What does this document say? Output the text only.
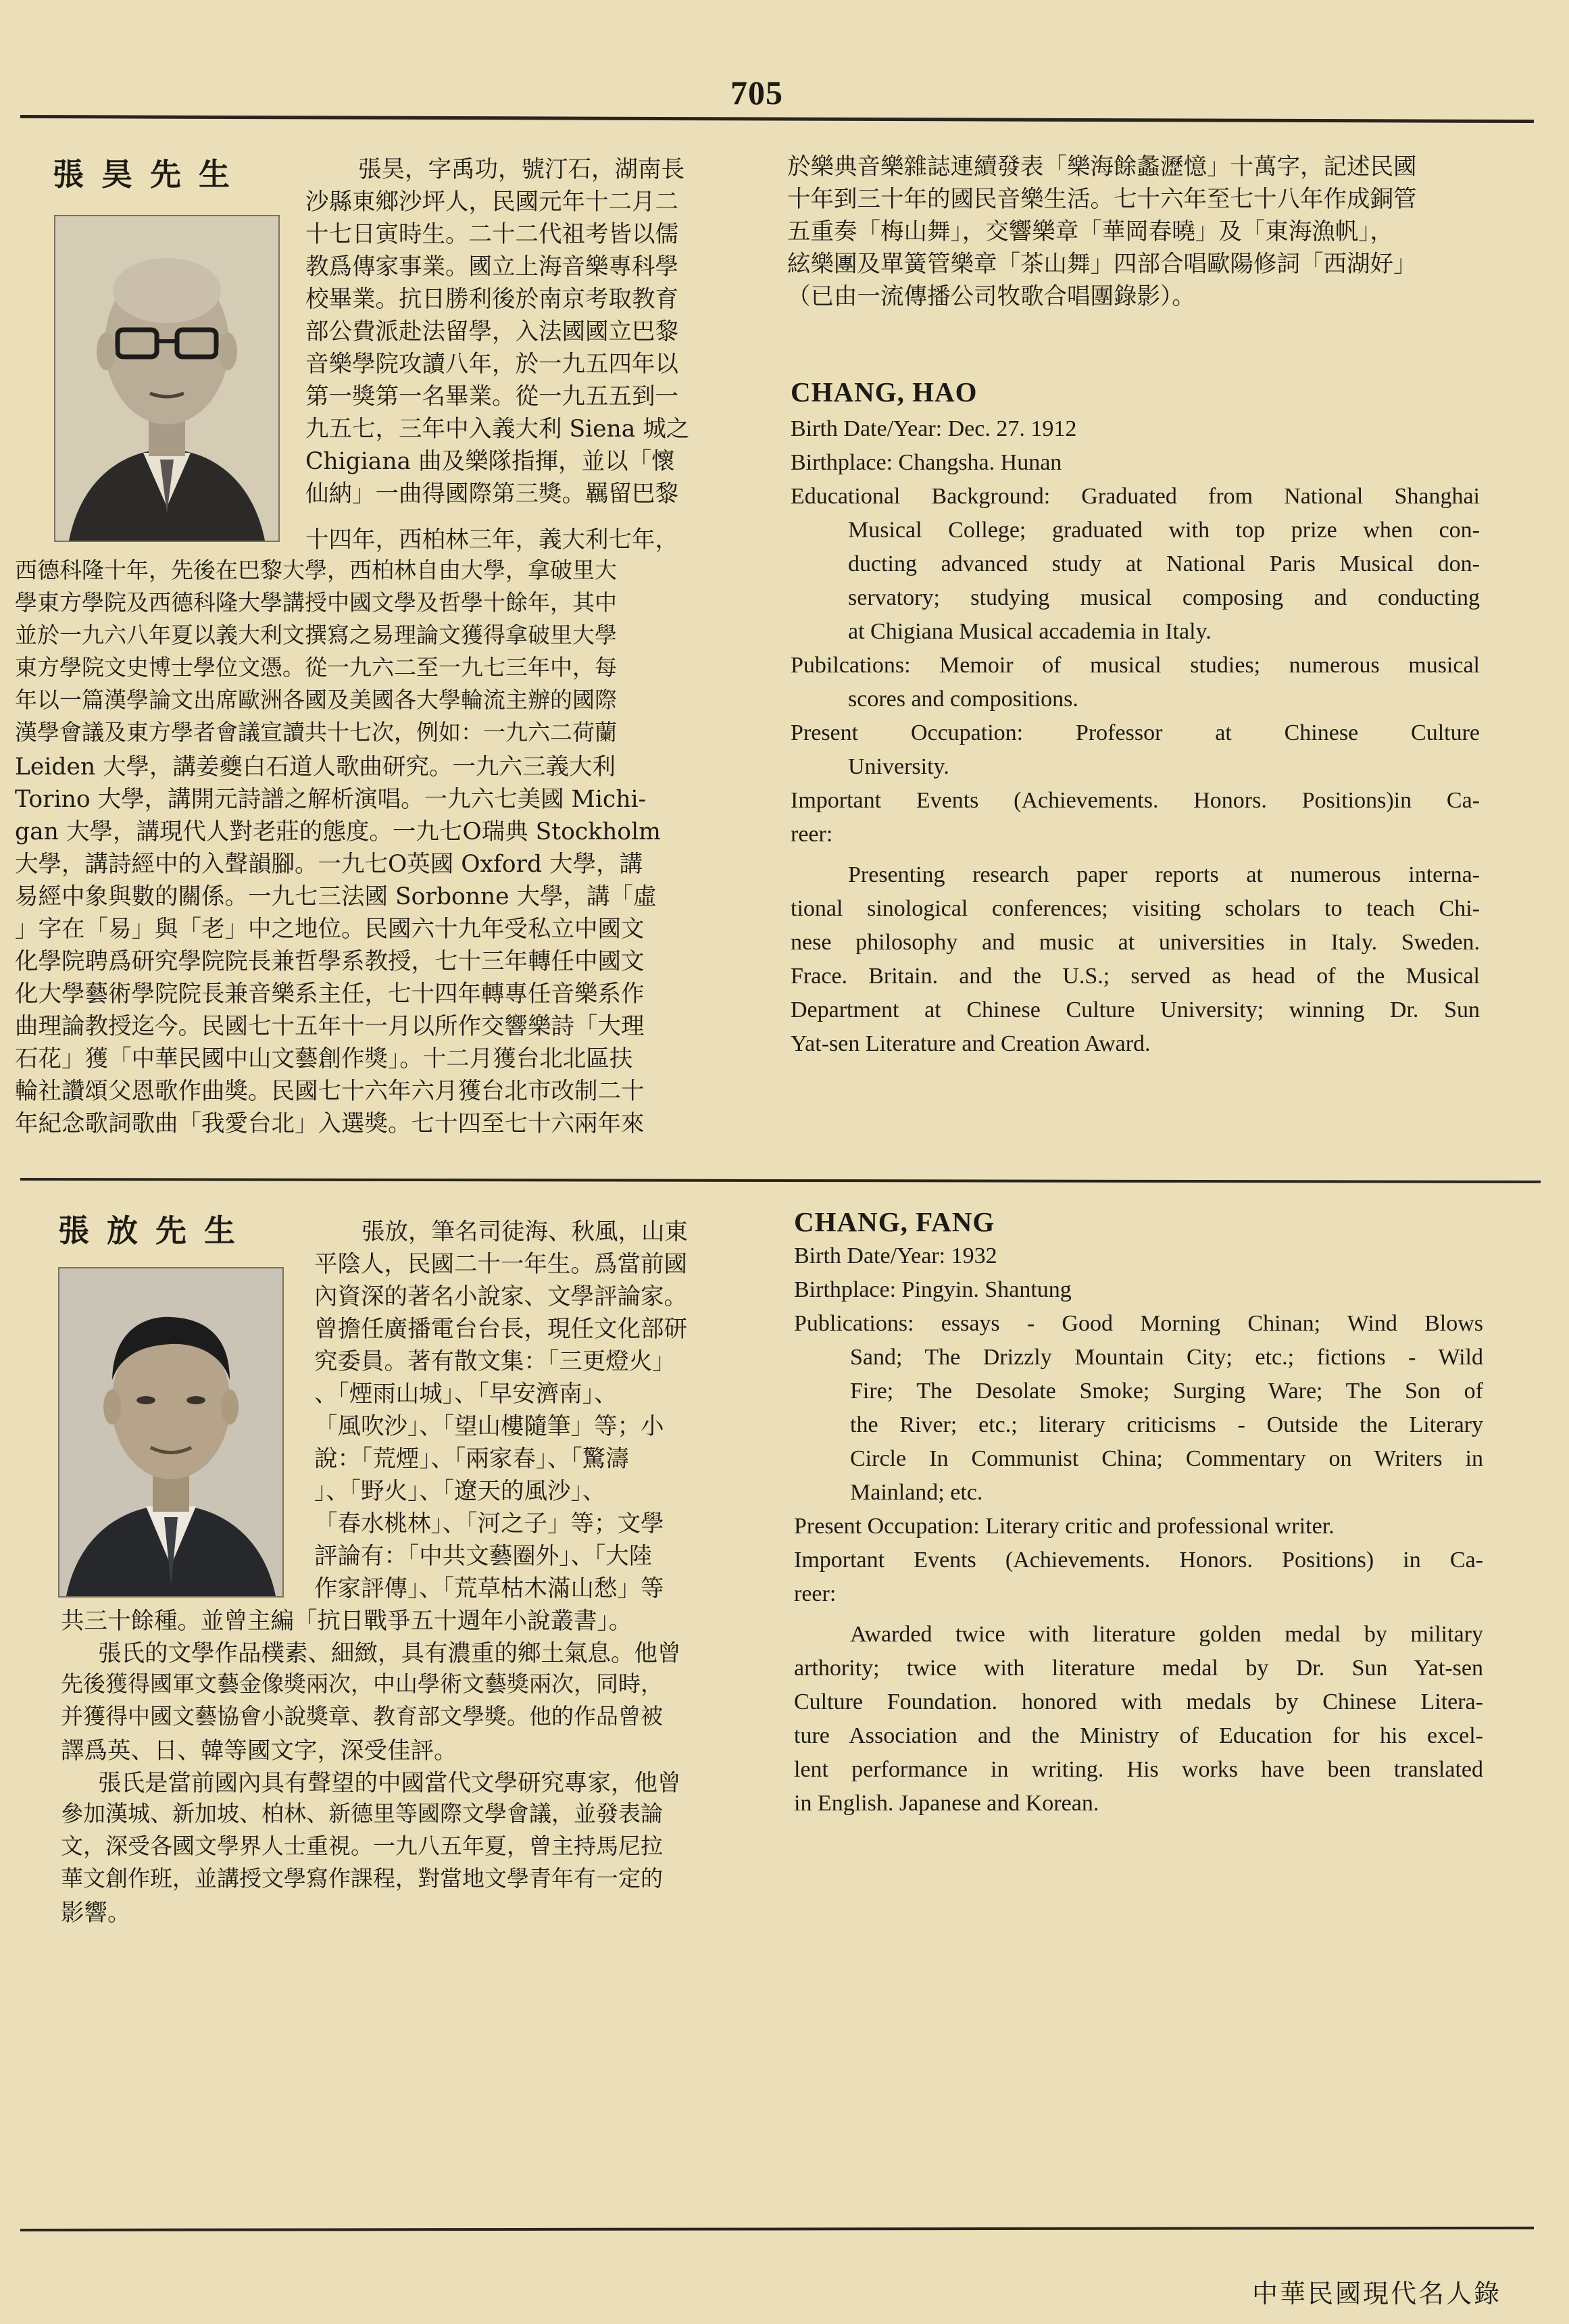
705
張昊先生	張昊，字禹功，號汀石，湖南長
沙縣東鄉沙坪人，民國元年十二月二
十七日寅時生。二十二代祖考皆以儒
教爲傳家事業。國立上海音樂專科學
校畢業。抗日勝利後於南京考取教育
部公費派赴法留學，入法國國立巴黎
音樂學院攻讀八年，於一九五四年以
第一獎第一名畢業。從一九五五到一
九五七，三年中入義大利 Siena 城之
Chigiana 曲及樂隊指揮，並以「懷
仙納」一曲得國際第三獎。羈留巴黎
十四年，西柏林三年，義大利七年，
西德科隆十年，先後在巴黎大學，西柏林自由大學，拿破里大
學東方學院及西德科隆大學講授中國文學及哲學十餘年，其中
並於一九六八年夏以義大利文撰寫之易理論文獲得拿破里大學
東方學院文史博士學位文憑。從一九六二至一九七三年中，每
年以一篇漢學論文出席歐洲各國及美國各大學輪流主辦的國際
漢學會議及東方學者會議宣讀共十七次，例如：一九六二荷蘭
Leiden 大學，講姜夔白石道人歌曲研究。一九六三義大利
Torino 大學，講開元詩譜之解析演唱。一九六七美國 Michi-
gan 大學，講現代人對老莊的態度。一九七O瑞典 Stockholm
大學，講詩經中的入聲韻腳。一九七O英國 Oxford 大學，講
易經中象與數的關係。一九七三法國 Sorbonne 大學，講「虛
」字在「易」與「老」中之地位。民國六十九年受私立中國文
化學院聘爲研究學院院長兼哲學系教授，七十三年轉任中國文
化大學藝術學院院長兼音樂系主任，七十四年轉專任音樂系作
曲理論教授迄今。民國七十五年十一月以所作交響樂詩「大理
石花」獲「中華民國中山文藝創作獎」。十二月獲台北北區扶
輪社讚頌父恩歌作曲獎。民國七十六年六月獲台北市改制二十
年紀念歌詞歌曲「我愛台北」入選獎。七十四至七十六兩年來
於樂典音樂雜誌連續發表「樂海餘蠡瀝憶」十萬字，記述民國
十年到三十年的國民音樂生活。七十六年至七十八年作成銅管
五重奏「梅山舞」，交響樂章「華岡春曉」及「東海漁帆」，
絃樂團及單簧管樂章「茶山舞」四部合唱歐陽修詞「西湖好」
（已由一流傳播公司牧歌合唱團錄影）。
CHANG, HAO
Birth Date/Year: Dec. 27. 1912
Birthplace: Changsha. Hunan
Educational Background: Graduated from National Shanghai
Musical College; graduated with top prize when con-
ducting advanced study at National Paris Musical don-
servatory; studying musical composing and conducting
at Chigiana Musical accademia in Italy.
Pubilcations: Memoir of musical studies; numerous musical
scores and compositions.
Present Occupation: Professor at Chinese Culture
University.
Important Events (Achievements. Honors. Positions)in Ca-
reer:
Presenting research paper reports at numerous interna-
tional sinological conferences; visiting scholars to teach Chi-
nese philosophy and music at universities in Italy. Sweden.
Frace. Britain. and the U.S.; served as head of the Musical
Department at Chinese Culture University; winning Dr. Sun
Yat-sen Literature and Creation Award.
張放先生	張放，筆名司徒海、秋風，山東
平陰人，民國二十一年生。爲當前國
內資深的著名小說家、文學評論家。
曾擔任廣播電台台長，現任文化部研
究委員。著有散文集：「三更燈火」
、「煙雨山城」、「早安濟南」、
「風吹沙」、「望山樓隨筆」等；小
說：「荒煙」、「兩家春」、「驚濤
」、「野火」、「遼天的風沙」、
「春水桃林」、「河之子」等；文學
評論有：「中共文藝圈外」、「大陸
作家評傳」、「荒草枯木滿山愁」等
共三十餘種。並曾主編「抗日戰爭五十週年小說叢書」。
張氏的文學作品樸素、細緻，具有濃重的鄉土氣息。他曾
先後獲得國軍文藝金像獎兩次，中山學術文藝獎兩次，同時，
并獲得中國文藝協會小說獎章、教育部文學獎。他的作品曾被
譯爲英、日、韓等國文字，深受佳評。
張氏是當前國內具有聲望的中國當代文學研究專家，他曾
參加漢城、新加坡、柏林、新德里等國際文學會議，並發表論
文，深受各國文學界人士重視。一九八五年夏，曾主持馬尼拉
華文創作班，並講授文學寫作課程，對當地文學青年有一定的
影響。
CHANG, FANG
Birth Date/Year: 1932
Birthplace: Pingyin. Shantung
Publications: essays - Good Morning Chinan; Wind Blows
Sand; The Drizzly Mountain City; etc.; fictions - Wild
Fire; The Desolate Smoke; Surging Ware; The Son of
the River; etc.; literary criticisms - Outside the Literary
Circle In Communist China; Commentary on Writers in
Mainland; etc.
Present Occupation: Literary critic and professional writer.
Important Events (Achievements. Honors. Positions) in Ca-
reer:
Awarded twice with literature golden medal by military
arthority; twice with literature medal by Dr. Sun Yat-sen
Culture Foundation. honored with medals by Chinese Litera-
ture Association and the Ministry of Education for his excel-
lent performance in writing. His works have been translated
in English. Japanese and Korean.
中華民國現代名人錄
